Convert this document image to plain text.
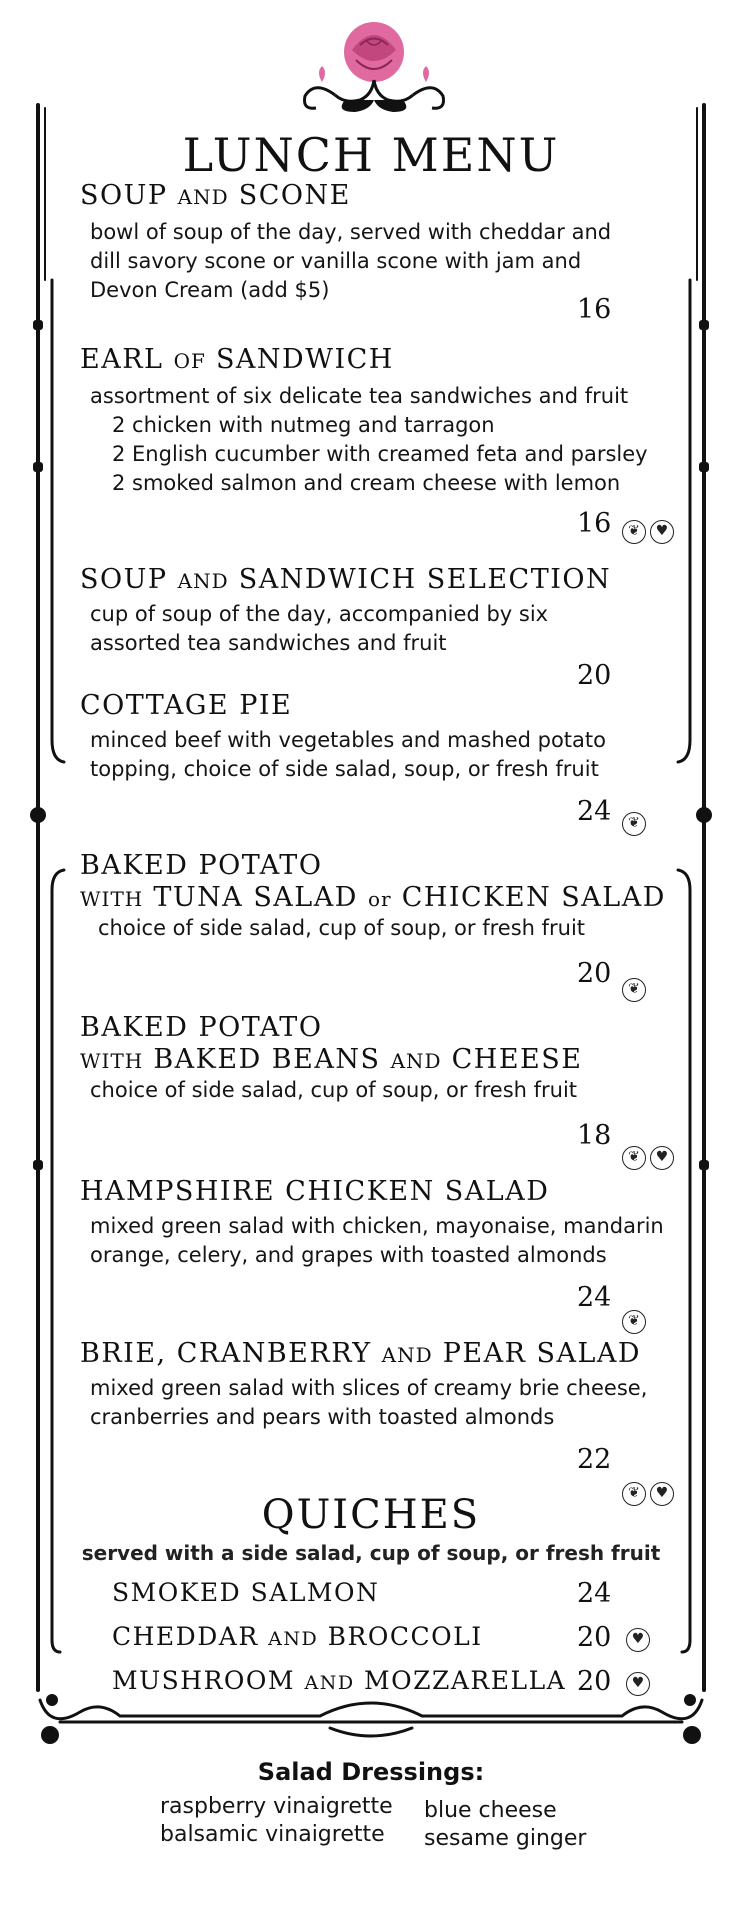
LUNCH MENU
SOUP AND SCONE
bowl of soup of the day, served with cheddar and
dill savory scone or vanilla scone with jam and
Devon Cream (add $5)
16
EARL OF SANDWICH
assortment of six delicate tea sandwiches and fruit
2 chicken with nutmeg and tarragon
2 English cucumber with creamed feta and parsley
2 smoked salmon and cream cheese with lemon
16	❦	♥
SOUP AND SANDWICH SELECTION
cup of soup of the day, accompanied by six
assorted tea sandwiches and fruit
20
COTTAGE PIE
minced beef with vegetables and mashed potato
topping, choice of side salad, soup, or fresh fruit
24	❦
BAKED POTATO
WITH TUNA SALAD or CHICKEN SALAD
choice of side salad, cup of soup, or fresh fruit
20	❦
BAKED POTATO
WITH BAKED BEANS AND CHEESE
choice of side salad, cup of soup, or fresh fruit
18
❦	♥
HAMPSHIRE CHICKEN SALAD
mixed green salad with chicken, mayonaise, mandarin
orange, celery, and grapes with toasted almonds
24
❦
BRIE, CRANBERRY AND PEAR SALAD
mixed green salad with slices of creamy brie cheese,
cranberries and pears with toasted almonds
22
❦	♥
QUICHES
served with a side salad, cup of soup, or fresh fruit
SMOKED SALMON	24
CHEDDAR AND BROCCOLI	20	♥
MUSHROOM AND MOZZARELLA 20	♥
Salad Dressings:
raspberry vinaigrette
balsamic vinaigrette
blue cheese
sesame ginger
